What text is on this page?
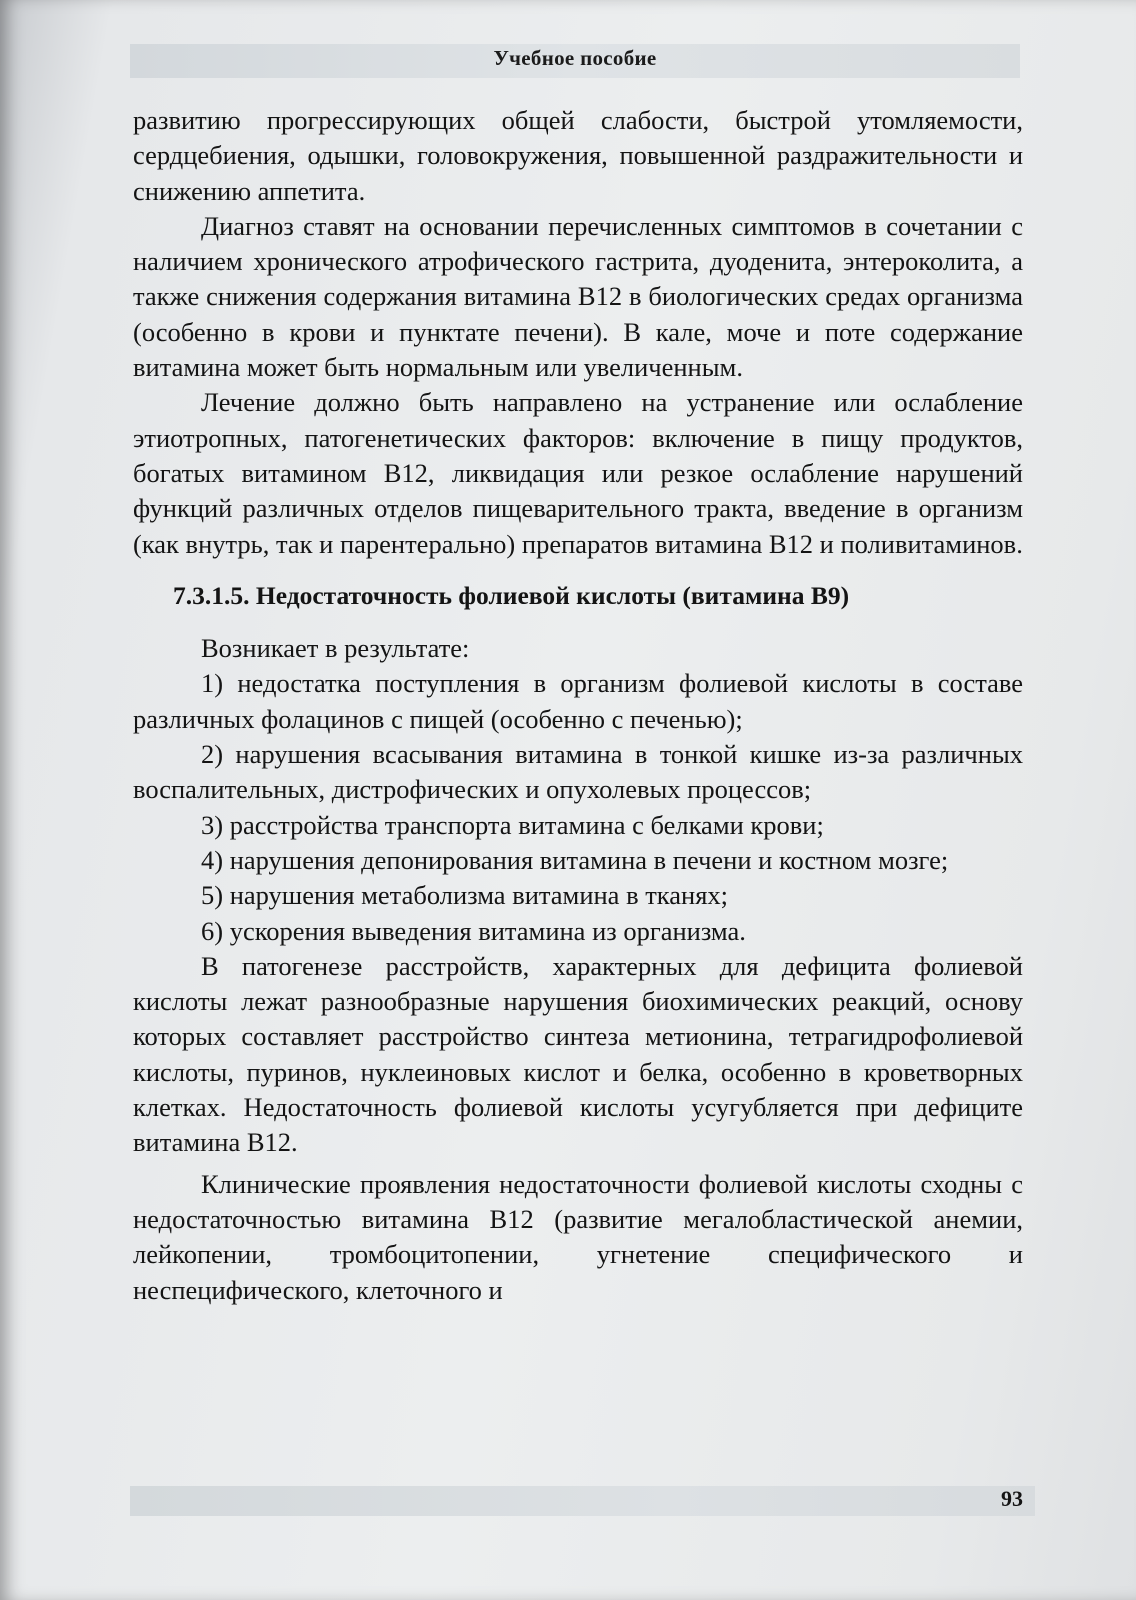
Учебное пособие

развитию прогрессирующих общей слабости, быстрой утомляемости, сердцебиения, одышки, головокружения, повышенной раздражительности и снижению аппетита.

Диагноз ставят на основании перечисленных симптомов в сочетании с наличием хронического атрофического гастрита, дуоденита, энтероколита, а также снижения содержания витамина B12 в биологических средах организма (особенно в крови и пунктате печени). В кале, моче и поте содержание витамина может быть нормальным или увеличенным.

Лечение должно быть направлено на устранение или ослабление этиотропных, патогенетических факторов: включение в пищу продуктов, богатых витамином B12, ликвидация или резкое ослабление нарушений функций различных отделов пищеварительного тракта, введение в организм (как внутрь, так и парентерально) препаратов витамина B12 и поливитаминов.

7.3.1.5. Недостаточность фолиевой кислоты (витамина B9)

Возникает в результате:

1) недостатка поступления в организм фолиевой кислоты в составе различных фолацинов с пищей (особенно с печенью);

2) нарушения всасывания витамина в тонкой кишке из-за различных воспалительных, дистрофических и опухолевых процессов;

3) расстройства транспорта витамина с белками крови;

4) нарушения депонирования витамина в печени и костном мозге;

5) нарушения метаболизма витамина в тканях;

6) ускорения выведения витамина из организма.

В патогенезе расстройств, характерных для дефицита фолиевой кислоты лежат разнообразные нарушения биохимических реакций, основу которых составляет расстройство синтеза метионина, тетрагидрофолиевой кислоты, пуринов, нуклеиновых кислот и белка, особенно в кроветворных клетках. Недостаточность фолиевой кислоты усугубляется при дефиците витамина B12.

Клинические проявления недостаточности фолиевой кислоты сходны с недостаточностью витамина B12 (развитие мегалобластической анемии, лейкопении, тромбоцитопении, угнетение специфического и неспецифического, клеточного и

93
